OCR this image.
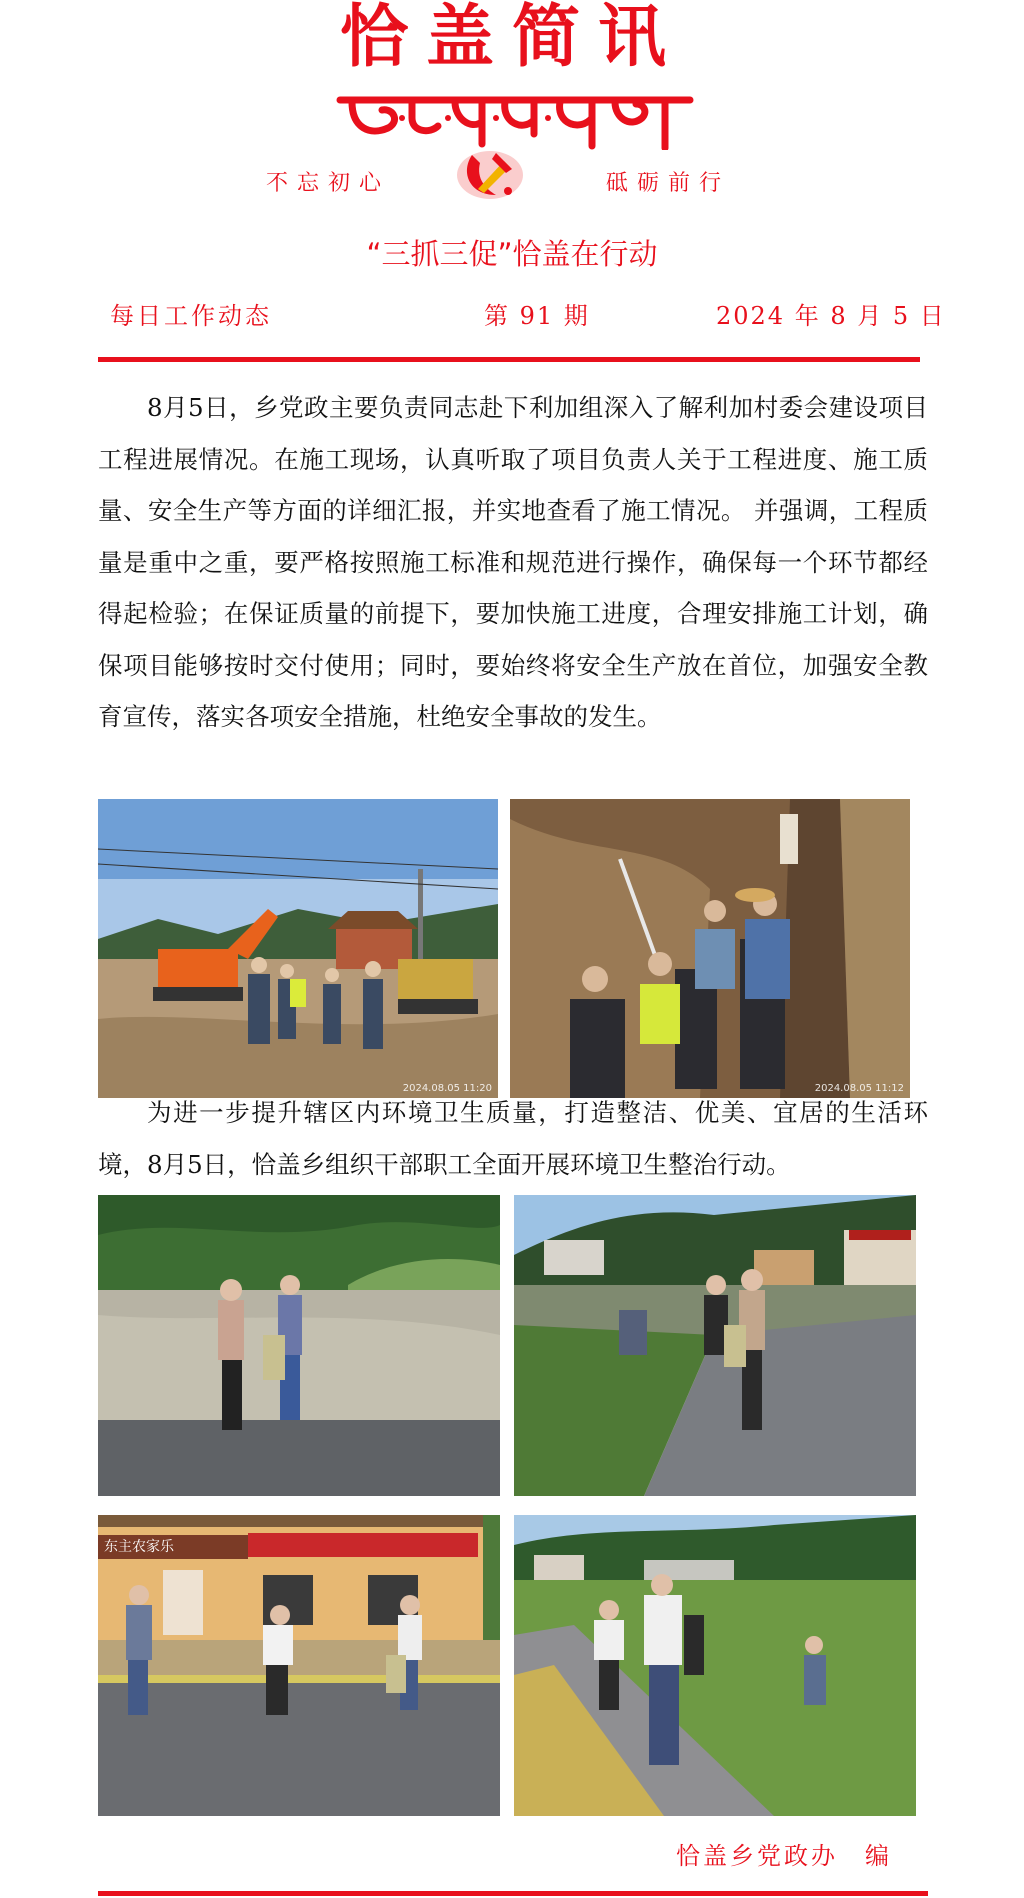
恰盖简讯
不忘初心	砥砺前行
“三抓三促”恰盖在行动
每日工作动态	第 91 期	2024 年 8 月 5 日

8月5日，乡党政主要负责同志赴下利加组深入了解利加村委会建设项目工程进展情况。在施工现场，认真听取了项目负责人关于工程进度、施工质量、安全生产等方面的详细汇报，并实地查看了施工情况。 并强调，工程质量是重中之重，要严格按照施工标准和规范进行操作，确保每一个环节都经得起检验；在保证质量的前提下，要加快施工进度，合理安排施工计划，确保项目能够按时交付使用；同时，要始终将安全生产放在首位，加强安全教育宣传，落实各项安全措施，杜绝安全事故的发生。

2024.08.05 11:20	2024.08.05 11:12

为进一步提升辖区内环境卫生质量，打造整洁、优美、宜居的生活环境，8月5日，恰盖乡组织干部职工全面开展环境卫生整治行动。

东主农家乐
恰盖乡党政办　编
